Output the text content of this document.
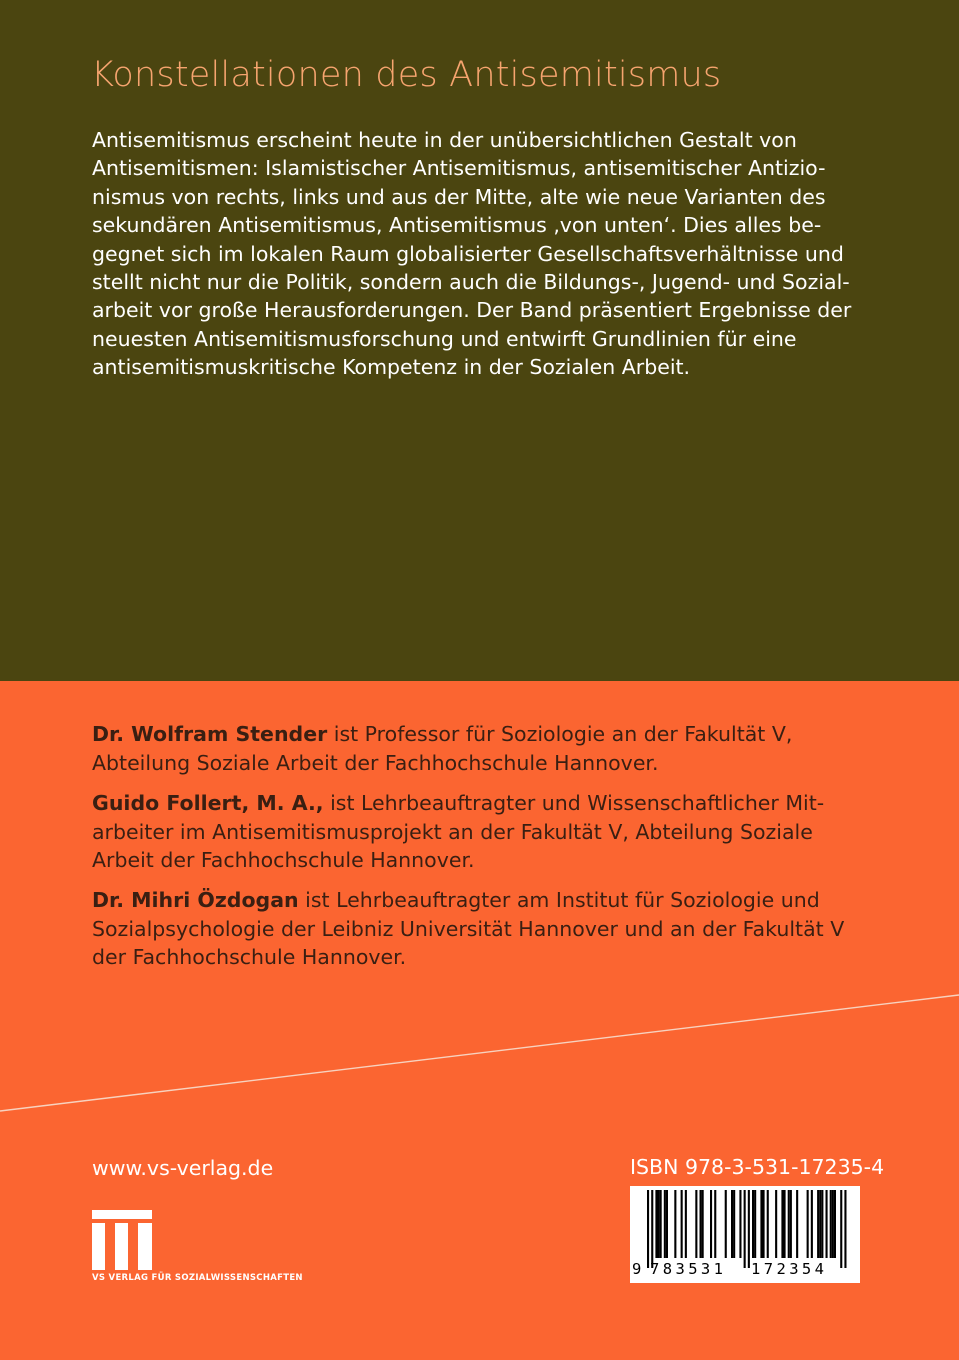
Konstellationen des Antisemitismus
Antisemitismus erscheint heute in der unübersichtlichen Gestalt von
Antisemitismen: Islamistischer Antisemitismus, antisemitischer Antizio-
nismus von rechts, links und aus der Mitte, alte wie neue Varianten des
sekundären Antisemitismus, Antisemitismus ‚von unten‘. Dies alles be-
gegnet sich im lokalen Raum globalisierter Gesellschaftsverhältnisse und
stellt nicht nur die Politik, sondern auch die Bildungs-, Jugend- und Sozial-
arbeit vor große Herausforderungen. Der Band präsentiert Ergebnisse der
neuesten Antisemitismusforschung und entwirft Grundlinien für eine
antisemitismuskritische Kompetenz in der Sozialen Arbeit.
Dr. Wolfram Stender ist Professor für Soziologie an der Fakultät V,
Abteilung Soziale Arbeit der Fachhochschule Hannover.
Guido Follert, M. A., ist Lehrbeauftragter und Wissenschaftlicher Mit-
arbeiter im Antisemitismusprojekt an der Fakultät V, Abteilung Soziale
Arbeit der Fachhochschule Hannover.
Dr. Mihri Özdogan ist Lehrbeauftragter am Institut für Soziologie und
Sozialpsychologie der Leibniz Universität Hannover und an der Fakultät V
der Fachhochschule Hannover.
www.vs-verlag.de
VS VERLAG FÜR SOZIALWISSENSCHAFTEN
ISBN 978-3-531-17235-4
9 783531 172354
